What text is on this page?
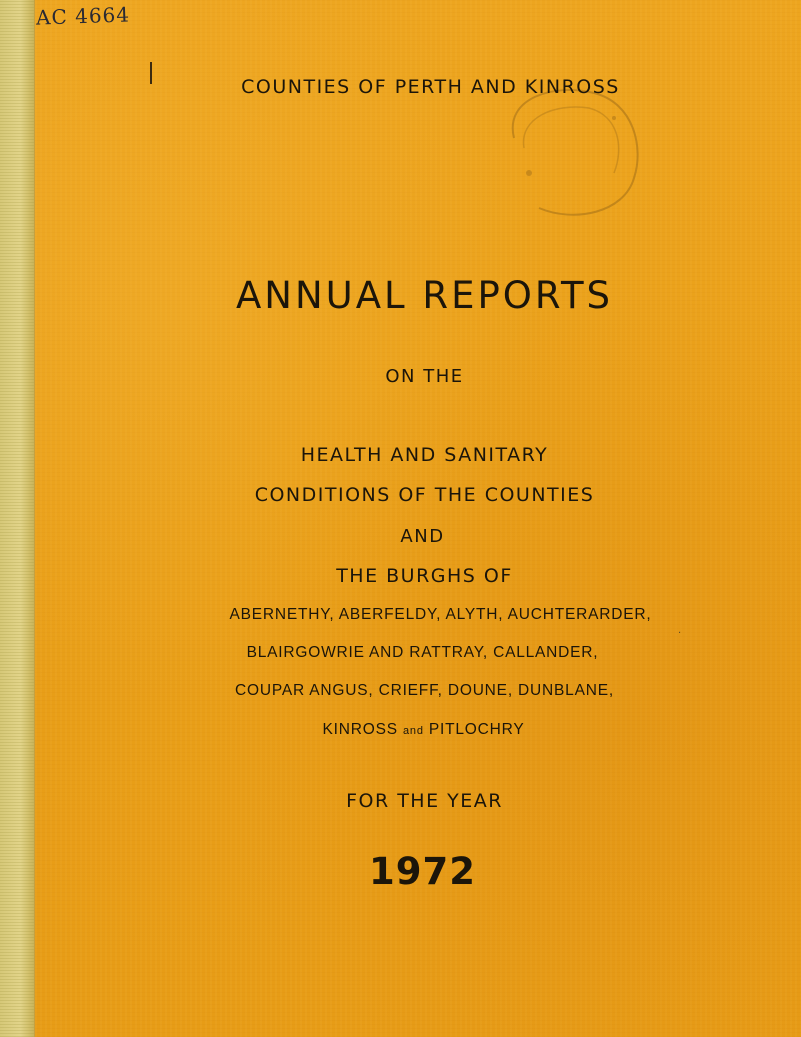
AC 4664
COUNTIES OF PERTH AND KINROSS
ANNUAL REPORTS
ON THE
HEALTH AND SANITARY
CONDITIONS OF THE COUNTIES
AND
THE BURGHS OF
ABERNETHY, ABERFELDY, ALYTH, AUCHTERARDER,
BLAIRGOWRIE AND RATTRAY, CALLANDER,
COUPAR ANGUS, CRIEFF, DOUNE, DUNBLANE,
KINROSS and PITLOCHRY
FOR THE YEAR
1972
·
